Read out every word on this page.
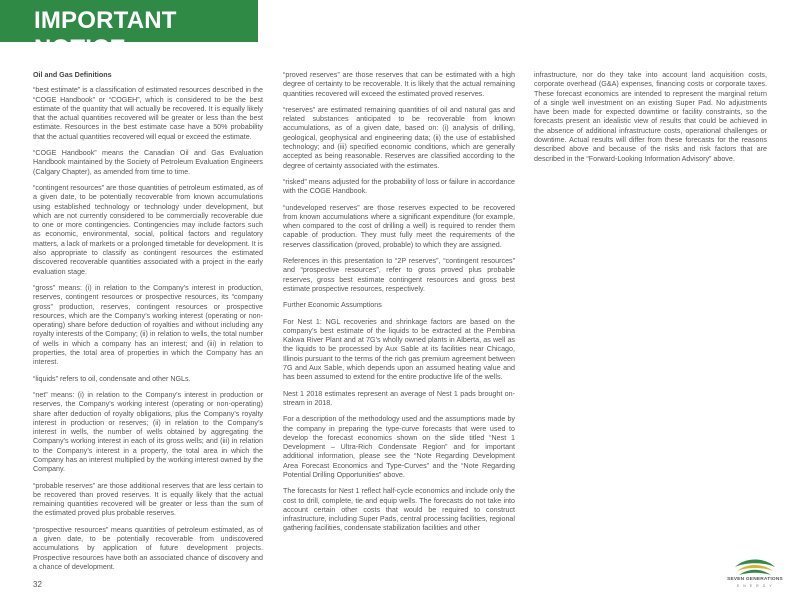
IMPORTANT NOTICE

Oil and Gas Definitions

“best estimate” is a classification of estimated resources described in the “COGE Handbook” or “COGEH”, which is considered to be the best estimate of the quantity that will actually be recovered. It is equally likely that the actual quantities recovered will be greater or less than the best estimate. Resources in the best estimate case have a 50% probability that the actual quantities recovered will equal or exceed the estimate.

“COGE Handbook” means the Canadian Oil and Gas Evaluation Handbook maintained by the Society of Petroleum Evaluation Engineers (Calgary Chapter), as amended from time to time.

“contingent resources” are those quantities of petroleum estimated, as of a given date, to be potentially recoverable from known accumulations using established technology or technology under development, but which are not currently considered to be commercially recoverable due to one or more contingencies. Contingencies may include factors such as economic, environmental, social, political factors and regulatory matters, a lack of markets or a prolonged timetable for development. It is also appropriate to classify as contingent resources the estimated discovered recoverable quantities associated with a project in the early evaluation stage.

“gross” means: (i) in relation to the Company’s interest in production, reserves, contingent resources or prospective resources, its “company gross” production, reserves, contingent resources or prospective resources, which are the Company’s working interest (operating or non-operating) share before deduction of royalties and without including any royalty interests of the Company; (ii) in relation to wells, the total number of wells in which a company has an interest; and (iii) in relation to properties, the total area of properties in which the Company has an interest.

“liquids” refers to oil, condensate and other NGLs.

“net” means: (i) in relation to the Company’s interest in production or reserves, the Company’s working interest (operating or non-operating) share after deduction of royalty obligations, plus the Company’s royalty interest in production or reserves; (ii) in relation to the Company’s interest in wells, the number of wells obtained by aggregating the Company’s working interest in each of its gross wells; and (iii) in relation to the Company’s interest in a property, the total area in which the Company has an interest multiplied by the working interest owned by the Company.

“probable reserves” are those additional reserves that are less certain to be recovered than proved reserves. It is equally likely that the actual remaining quantities recovered will be greater or less than the sum of the estimated proved plus probable reserves.

“prospective resources” means quantities of petroleum estimated, as of a given date, to be potentially recoverable from undiscovered accumulations by application of future development projects. Prospective resources have both an associated chance of discovery and a chance of development.

“proved reserves” are those reserves that can be estimated with a high degree of certainty to be recoverable. It is likely that the actual remaining quantities recovered will exceed the estimated proved reserves.

“reserves” are estimated remaining quantities of oil and natural gas and related substances anticipated to be recoverable from known accumulations, as of a given date, based on: (i) analysis of drilling, geological, geophysical and engineering data; (ii) the use of established technology; and (iii) specified economic conditions, which are generally accepted as being reasonable. Reserves are classified according to the degree of certainty associated with the estimates.

“risked” means adjusted for the probability of loss or failure in accordance with the COGE Handbook.

“undeveloped reserves” are those reserves expected to be recovered from known accumulations where a significant expenditure (for example, when compared to the cost of drilling a well) is required to render them capable of production. They must fully meet the requirements of the reserves classification (proved, probable) to which they are assigned.

References in this presentation to “2P reserves”, “contingent resources” and “prospective resources”, refer to gross proved plus probable reserves, gross best estimate contingent resources and gross best estimate prospective resources, respectively.

Further Economic Assumptions

For Nest 1: NGL recoveries and shrinkage factors are based on the company’s best estimate of the liquids to be extracted at the Pembina Kakwa River Plant and at 7G’s wholly owned plants in Alberta, as well as the liquids to be processed by Aux Sable at its facilities near Chicago, Illinois pursuant to the terms of the rich gas premium agreement between 7G and Aux Sable, which depends upon an assumed heating value and has been assumed to extend for the entire productive life of the wells.

Nest 1 2018 estimates represent an average of Nest 1 pads brought on-stream in 2018.

For a description of the methodology used and the assumptions made by the company in preparing the type-curve forecasts that were used to develop the forecast economics shown on the slide titled “Nest 1 Development – Ultra-Rich Condensate Region” and for important additional information, please see the “Note Regarding Development Area Forecast Economics and Type-Curves” and the “Note Regarding Potential Drilling Opportunities” above.

The forecasts for Nest 1 reflect half-cycle economics and include only the cost to drill, complete, tie and equip wells. The forecasts do not take into account certain other costs that would be required to construct infrastructure, including Super Pads, central processing facilities, regional gathering facilities, condensate stabilization facilities and other

infrastructure, nor do they take into account land acquisition costs, corporate overhead (G&A) expenses, financing costs or corporate taxes. These forecast economics are intended to represent the marginal return of a single well investment on an existing Super Pad. No adjustments have been made for expected downtime or facility constraints, so the forecasts present an idealistic view of results that could be achieved in the absence of additional infrastructure costs, operational challenges or downtime. Actual results will differ from these forecasts for the reasons described above and because of the risks and risk factors that are described in the “Forward-Looking Information Advisory” above.

32
SEVEN GENERATIONS
E N E R G Y
